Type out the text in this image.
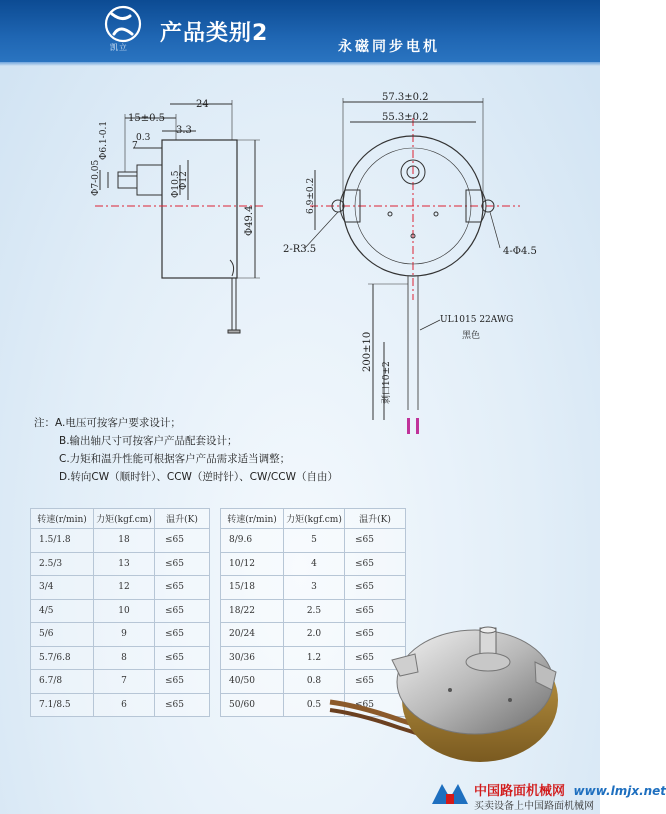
凯立
产品类别2
永磁同步电机
15±0.5
24
3.3
7
0.3
Φ7-0.05
Φ6.1-0.1
Φ10.5
Φ12
Φ49.4
57.3±0.2
55.3±0.2
6.9±0.2
2-R3.5	4-Φ4.5
200±10
剥口10±2
UL1015 22AWG
黑色
注：A.电压可按客户要求设计；
B.输出轴尺寸可按客户产品配套设计；
C.力矩和温升性能可根据客户产品需求适当调整；
D.转向CW（顺时针）、CCW（逆时针）、CW/CCW（自由）
转速(r/min)	力矩(kgf.cm)	温升(K)
1.5/1.8	18	≤65
2.5/3	13	≤65
3/4	12	≤65
4/5	10	≤65
5/6	9	≤65
5.7/6.8	8	≤65
6.7/8	7	≤65
7.1/8.5	6	≤65
转速(r/min)	力矩(kgf.cm)	温升(K)
8/9.6	5	≤65
10/12	4	≤65
15/18	3	≤65
18/22	2.5	≤65
20/24	2.0	≤65
30/36	1.2	≤65
40/50	0.8	≤65
50/60	0.5	≤65
中国路面机械网 www.lmjx.net
买卖设备上中国路面机械网
